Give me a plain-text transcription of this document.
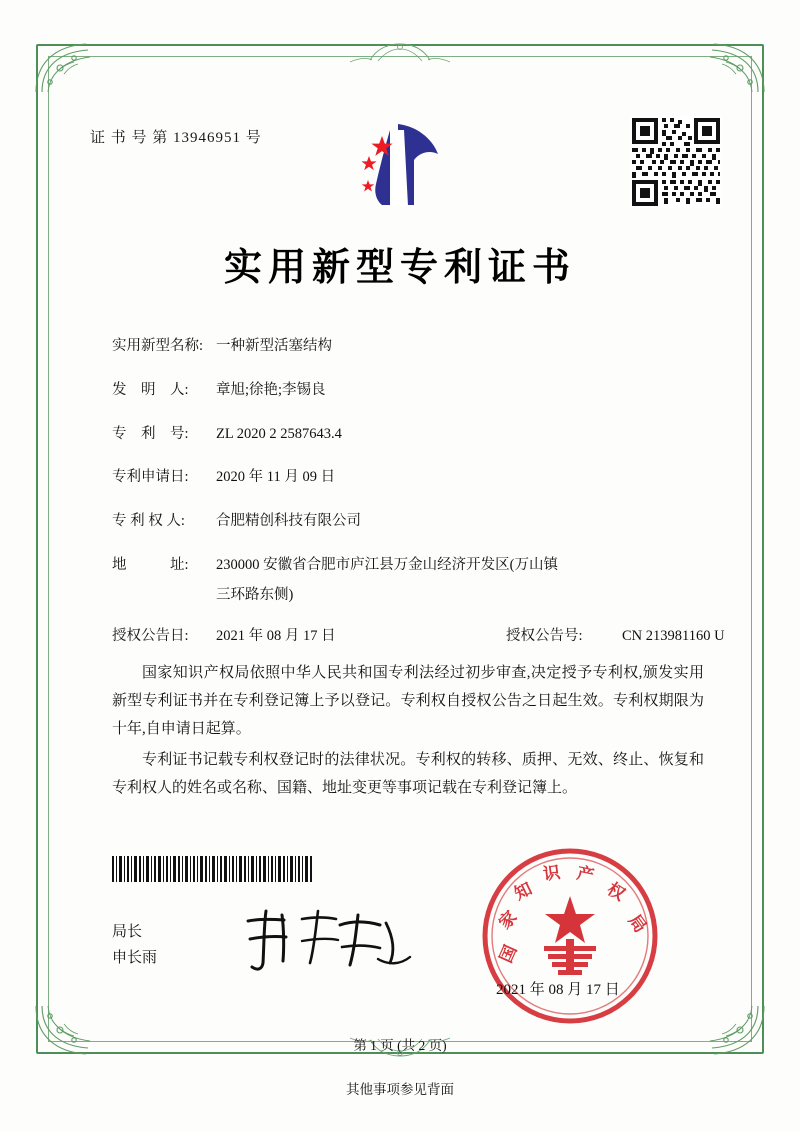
证 书 号 第 13946951 号
实用新型专利证书
实用新型名称: 一种新型活塞结构
发　明　人:	章旭;徐艳;李锡良
专　利　号:	ZL 2020 2 2587643.4
专利申请日:	2020 年 11 月 09 日
专 利 权 人:	合肥精创科技有限公司
地　　　址:	230000 安徽省合肥市庐江县万金山经济开发区(万山镇
三环路东侧)
授权公告日:	2021 年 08 月 17 日	授权公告号:	CN 213981160 U

国家知识产权局依照中华人民共和国专利法经过初步审查,决定授予专利权,颁发实用新型专利证书并在专利登记簿上予以登记。专利权自授权公告之日起生效。专利权期限为十年,自申请日起算。

专利证书记载专利权登记时的法律状况。专利权的转移、质押、无效、终止、恢复和专利权人的姓名或名称、国籍、地址变更等事项记载在专利登记簿上。

局长
申长雨	国
家
知
识 产
权
局
2021 年 08 月 17 日
第 1 页 (共 2 页)
其他事项参见背面
